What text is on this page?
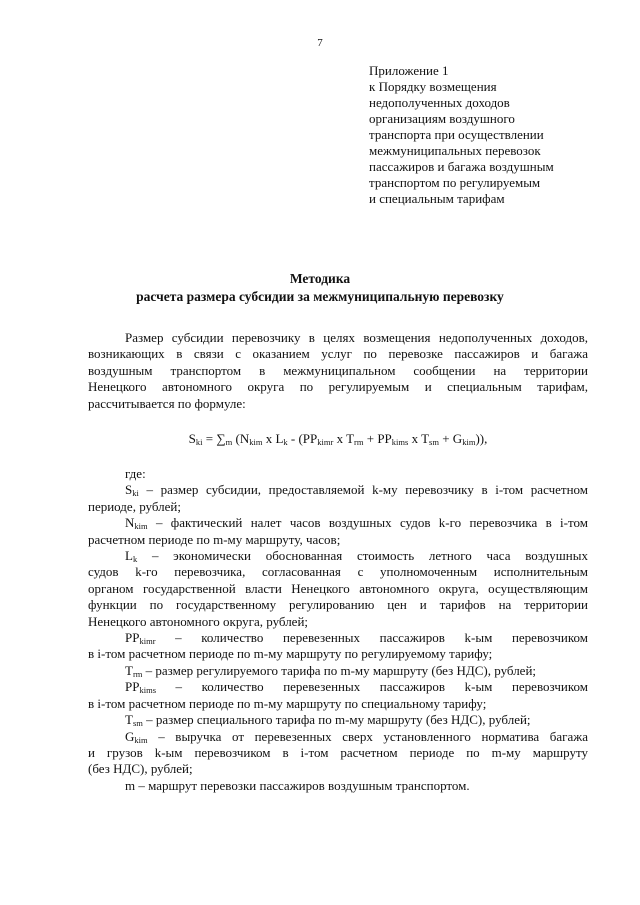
7
Приложение 1
к Порядку возмещения
недополученных доходов
организациям воздушного
транспорта при осуществлении
межмуниципальных перевозок
пассажиров и багажа воздушным
транспортом по регулируемым
и специальным тарифам
Методика
расчета размера субсидии за межмуниципальную перевозку
Размер субсидии перевозчику в целях возмещения недополученных доходов,
возникающих в связи с оказанием услуг по перевозке пассажиров и багажа
воздушным транспортом в межмуниципальном сообщении на территории
Ненецкого автономного округа по регулируемым и специальным тарифам,
рассчитывается по формуле:
$S_{ki} = \sum_m$ ($N_{kim}$ x $L_k - (PP_{kimr}$ x $T_{rm} + PP_{kims}$ x $T_{sm} + G_{kim}$)),
где:
$S_{ki}$ – размер субсидии, предоставляемой k-му перевозчику в i-том расчетном
периоде, рублей;
$N_{kim}$ – фактический налет часов воздушных судов k-го перевозчика в i-том
расчетном периоде по m-му маршруту, часов;
$L_k$ – экономически обоснованная стоимость летного часа воздушных
судов k-го перевозчика, согласованная с уполномоченным исполнительным
органом государственной власти Ненецкого автономного округа, осуществляющим
функции по государственному регулированию цен и тарифов на территории
Ненецкого автономного округа, рублей;
$PP_{kimr}$ – количество перевезенных пассажиров k-ым перевозчиком
в i-том расчетном периоде по m-му маршруту по регулируемому тарифу;
$T_{rm}$ – размер регулируемого тарифа по m-му маршруту (без НДС), рублей;
$PP_{kims}$ – количество перевезенных пассажиров k-ым перевозчиком
в i-том расчетном периоде по m-му маршруту по специальному тарифу;
$T_{sm}$ – размер специального тарифа по m-му маршруту (без НДС), рублей;
$G_{kim}$ – выручка от перевезенных сверх установленного норматива багажа
и грузов k-ым перевозчиком в i-том расчетном периоде по m-му маршруту
(без НДС), рублей;
m – маршрут перевозки пассажиров воздушным транспортом.
